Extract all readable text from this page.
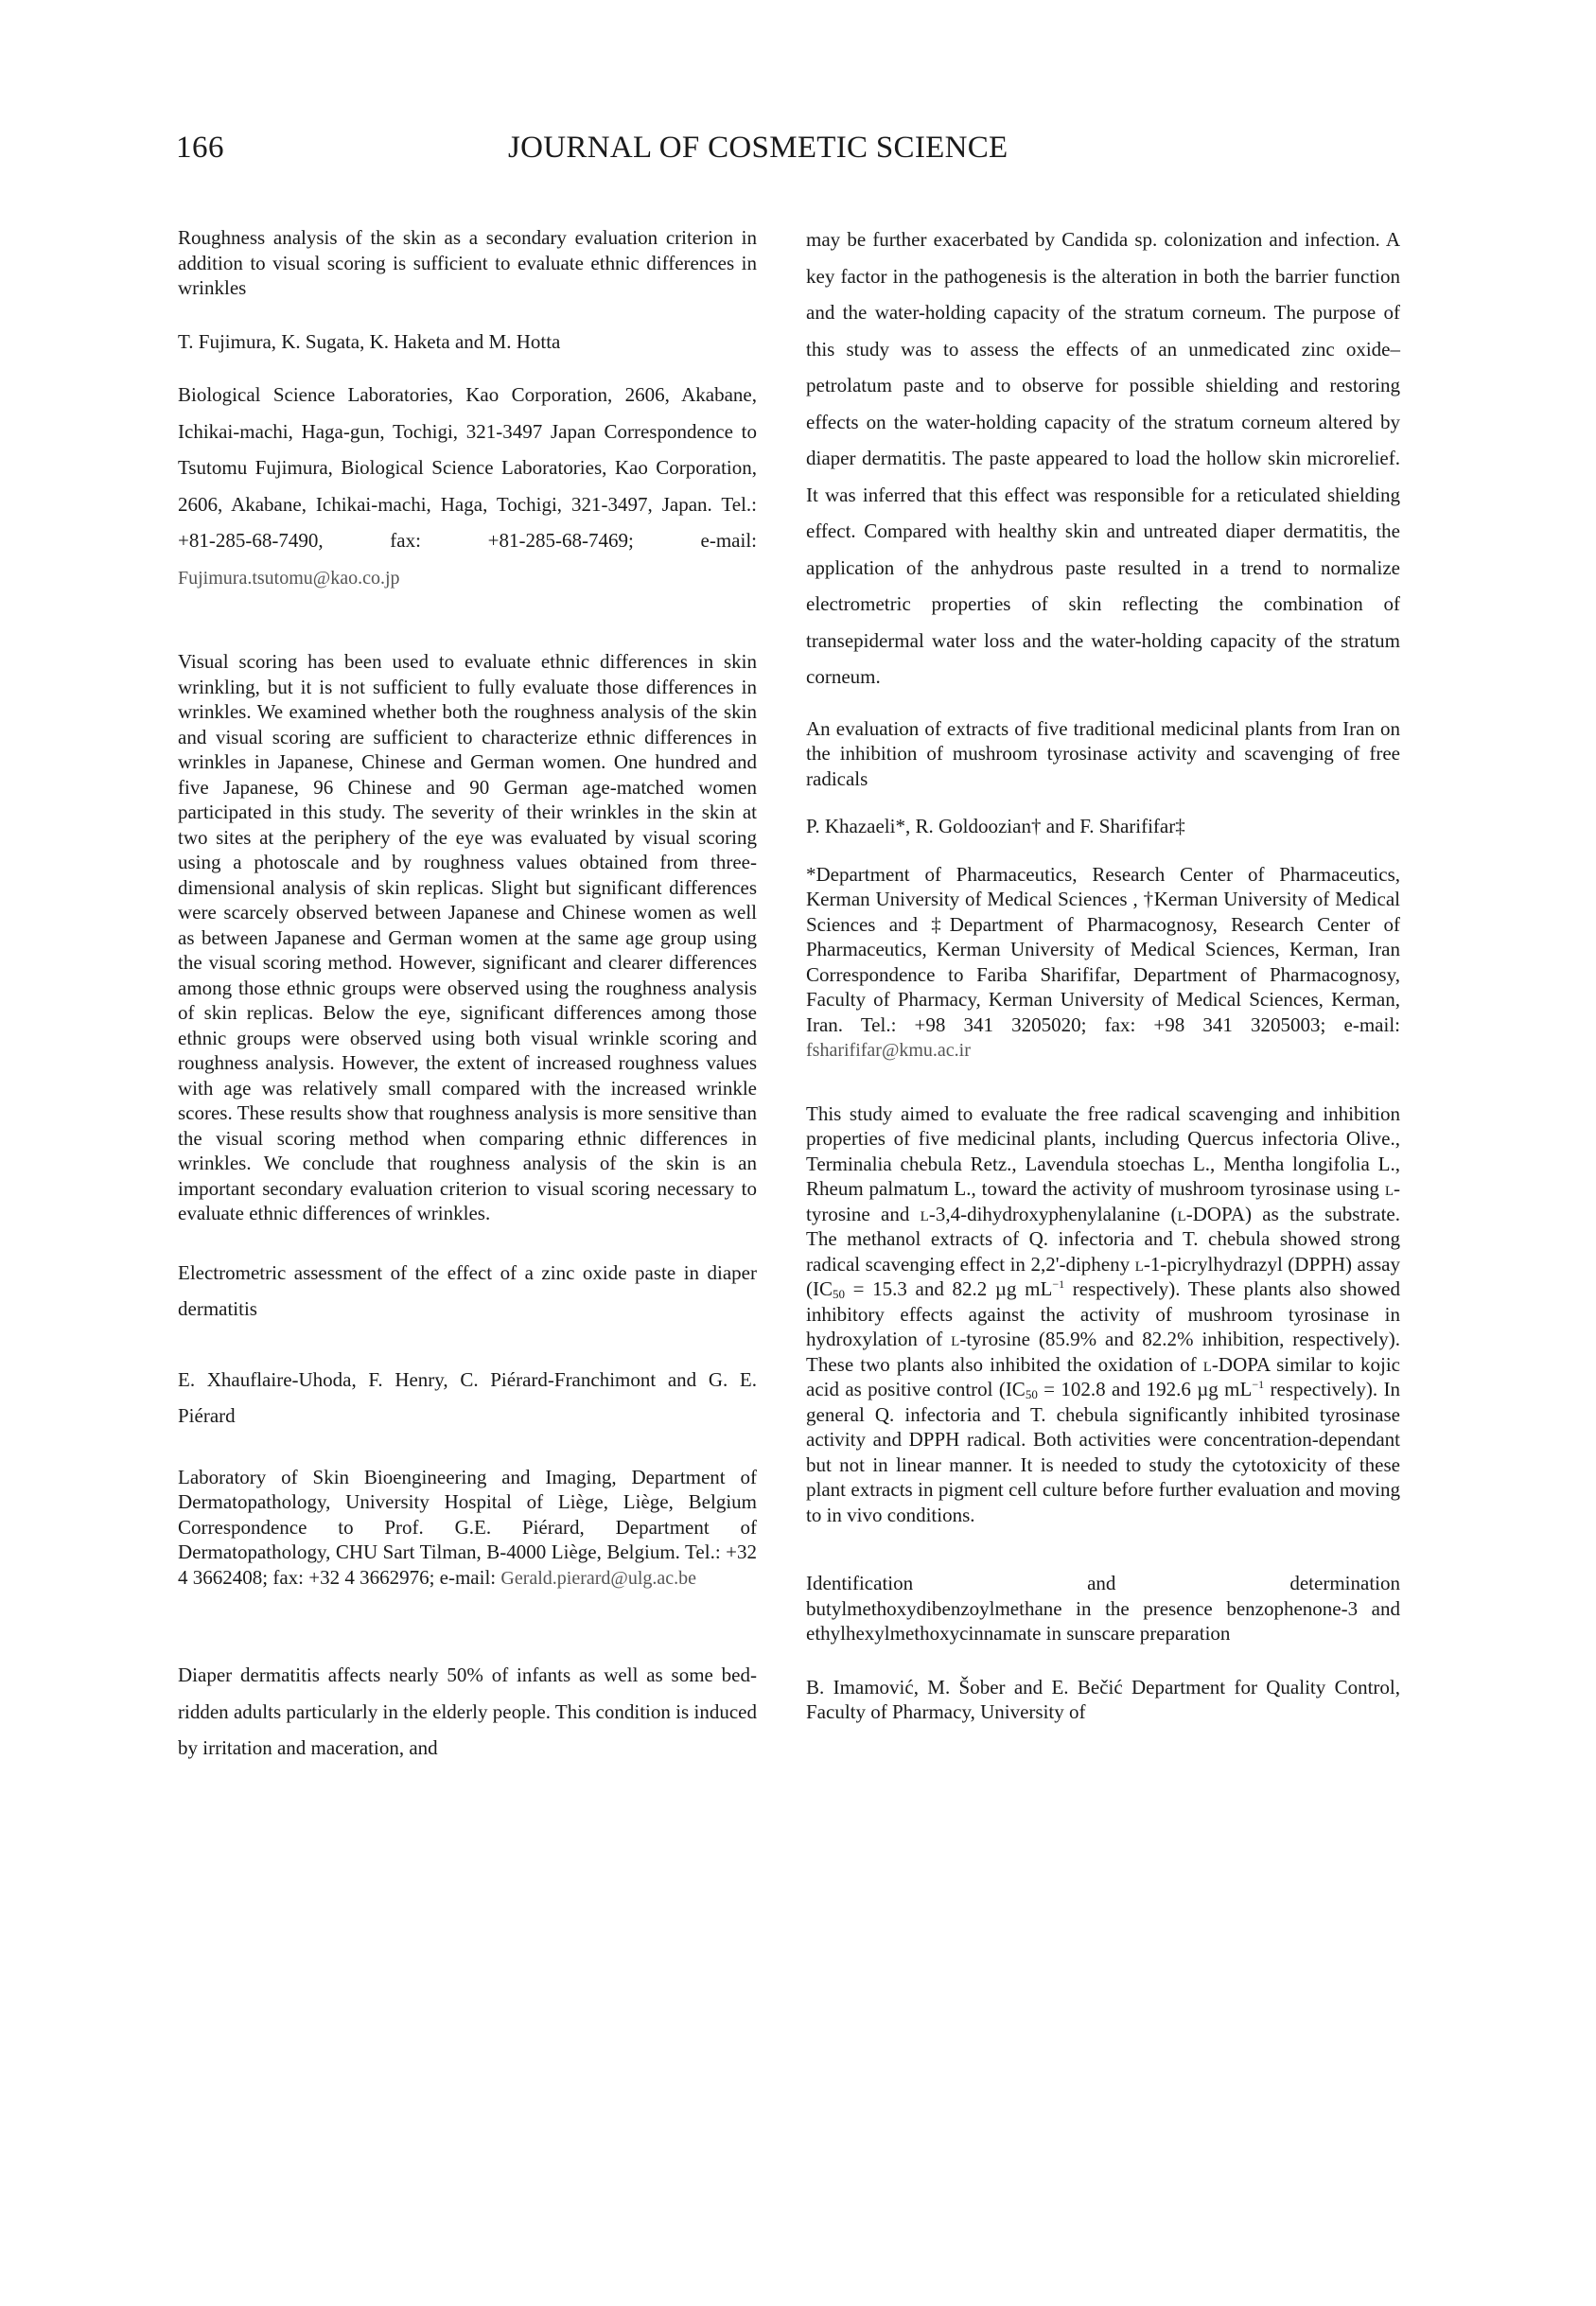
166	JOURNAL OF COSMETIC SCIENCE

Roughness analysis of the skin as a secondary evaluation criterion in addition to visual scoring is sufficient to evaluate ethnic differences in wrinkles

T. Fujimura, K. Sugata, K. Haketa and M. Hotta

Biological Science Laboratories, Kao Corporation, 2606, Akabane, Ichikai-machi, Haga-gun, Tochigi, 321-3497 Japan Correspondence to Tsutomu Fujimura, Biological Science Laboratories, Kao Corporation, 2606, Akabane, Ichikai-machi, Haga, Tochigi, 321-3497, Japan. Tel.: +81-285-68-7490, fax: +81-285-68-7469; e-mail: Fujimura.tsutomu@kao.co.jp

Visual scoring has been used to evaluate ethnic differences in skin wrinkling, but it is not sufficient to fully evaluate those differences in wrinkles. We examined whether both the roughness analysis of the skin and visual scoring are sufficient to characterize ethnic differences in wrinkles in Japanese, Chinese and German women. One hundred and five Japanese, 96 Chinese and 90 German age-matched women participated in this study. The severity of their wrinkles in the skin at two sites at the periphery of the eye was evaluated by visual scoring using a photoscale and by roughness values obtained from three-dimensional analysis of skin replicas. Slight but significant differences were scarcely observed between Japanese and Chinese women as well as between Japanese and German women at the same age group using the visual scoring method. However, significant and clearer differences among those ethnic groups were observed using the roughness analysis of skin replicas. Below the eye, significant differences among those ethnic groups were observed using both visual wrinkle scoring and roughness analysis. However, the extent of increased roughness values with age was relatively small compared with the increased wrinkle scores. These results show that roughness analysis is more sensitive than the visual scoring method when comparing ethnic differences in wrinkles. We conclude that roughness analysis of the skin is an important secondary evaluation criterion to visual scoring necessary to evaluate ethnic differences of wrinkles.

Electrometric assessment of the effect of a zinc oxide paste in diaper dermatitis

E. Xhauflaire-Uhoda, F. Henry, C. Piérard-Franchimont and G. E. Piérard

Laboratory of Skin Bioengineering and Imaging, Department of Dermatopathology, University Hospital of Liège, Liège, Belgium Correspondence to Prof. G.E. Piérard, Department of Dermatopathology, CHU Sart Tilman, B-4000 Liège, Belgium. Tel.: +32 4 3662408; fax: +32 4 3662976; e-mail: Gerald.pierard@ulg.ac.be

Diaper dermatitis affects nearly 50% of infants as well as some bed-ridden adults particularly in the elderly people. This condition is induced by irritation and maceration, and

may be further exacerbated by Candida sp. colonization and infection. A key factor in the pathogenesis is the alteration in both the barrier function and the water-holding capacity of the stratum corneum. The purpose of this study was to assess the effects of an unmedicated zinc oxide–petrolatum paste and to observe for possible shielding and restoring effects on the water-holding capacity of the stratum corneum altered by diaper dermatitis. The paste appeared to load the hollow skin microrelief. It was inferred that this effect was responsible for a reticulated shielding effect. Compared with healthy skin and untreated diaper dermatitis, the application of the anhydrous paste resulted in a trend to normalize electrometric properties of skin reflecting the combination of transepidermal water loss and the water-holding capacity of the stratum corneum.

An evaluation of extracts of five traditional medicinal plants from Iran on the inhibition of mushroom tyrosinase activity and scavenging of free radicals

P. Khazaeli*, R. Goldoozian† and F. Sharififar‡

*Department of Pharmaceutics, Research Center of Pharmaceutics, Kerman University of Medical Sciences , †Kerman University of Medical Sciences and ‡Department of Pharmacognosy, Research Center of Pharmaceutics, Kerman University of Medical Sciences, Kerman, Iran Correspondence to Fariba Sharififar, Department of Pharmacognosy, Faculty of Pharmacy, Kerman University of Medical Sciences, Kerman, Iran. Tel.: +98 341 3205020; fax: +98 341 3205003; e-mail: fsharififar@kmu.ac.ir

This study aimed to evaluate the free radical scavenging and inhibition properties of five medicinal plants, including Quercus infectoria Olive., Terminalia chebula Retz., Lavendula stoechas L., Mentha longifolia L., Rheum palmatum L., toward the activity of mushroom tyrosinase using l-tyrosine and l-3,4-dihydroxyphenylalanine (l-DOPA) as the substrate. The methanol extracts of Q. infectoria and T. chebula showed strong radical scavenging effect in 2,2'-dipheny l-1-picrylhydrazyl (DPPH) assay ($IC_{50} = 15.3$ and 82.2 µg $mL^{-1}$ respectively). These plants also showed inhibitory effects against the activity of mushroom tyrosinase in hydroxylation of l-tyrosine (85.9% and 82.2% inhibition, respectively). These two plants also inhibited the oxidation of l-DOPA similar to kojic acid as positive control ($IC_{50} = 102.8$ and 192.6 µg $mL^{-1}$ respectively). In general Q. infectoria and T. chebula significantly inhibited tyrosinase activity and DPPH radical. Both activities were concentration-dependant but not in linear manner. It is needed to study the cytotoxicity of these plant extracts in pigment cell culture before further evaluation and moving to in vivo conditions.

Identification and determination

butylmethoxydibenzoylmethane in the presence benzophenone-3 and ethylhexylmethoxycinnamate in sunscare preparation

B. Imamović, M. Šober and E. Bečić Department for Quality Control, Faculty of Pharmacy, University of
